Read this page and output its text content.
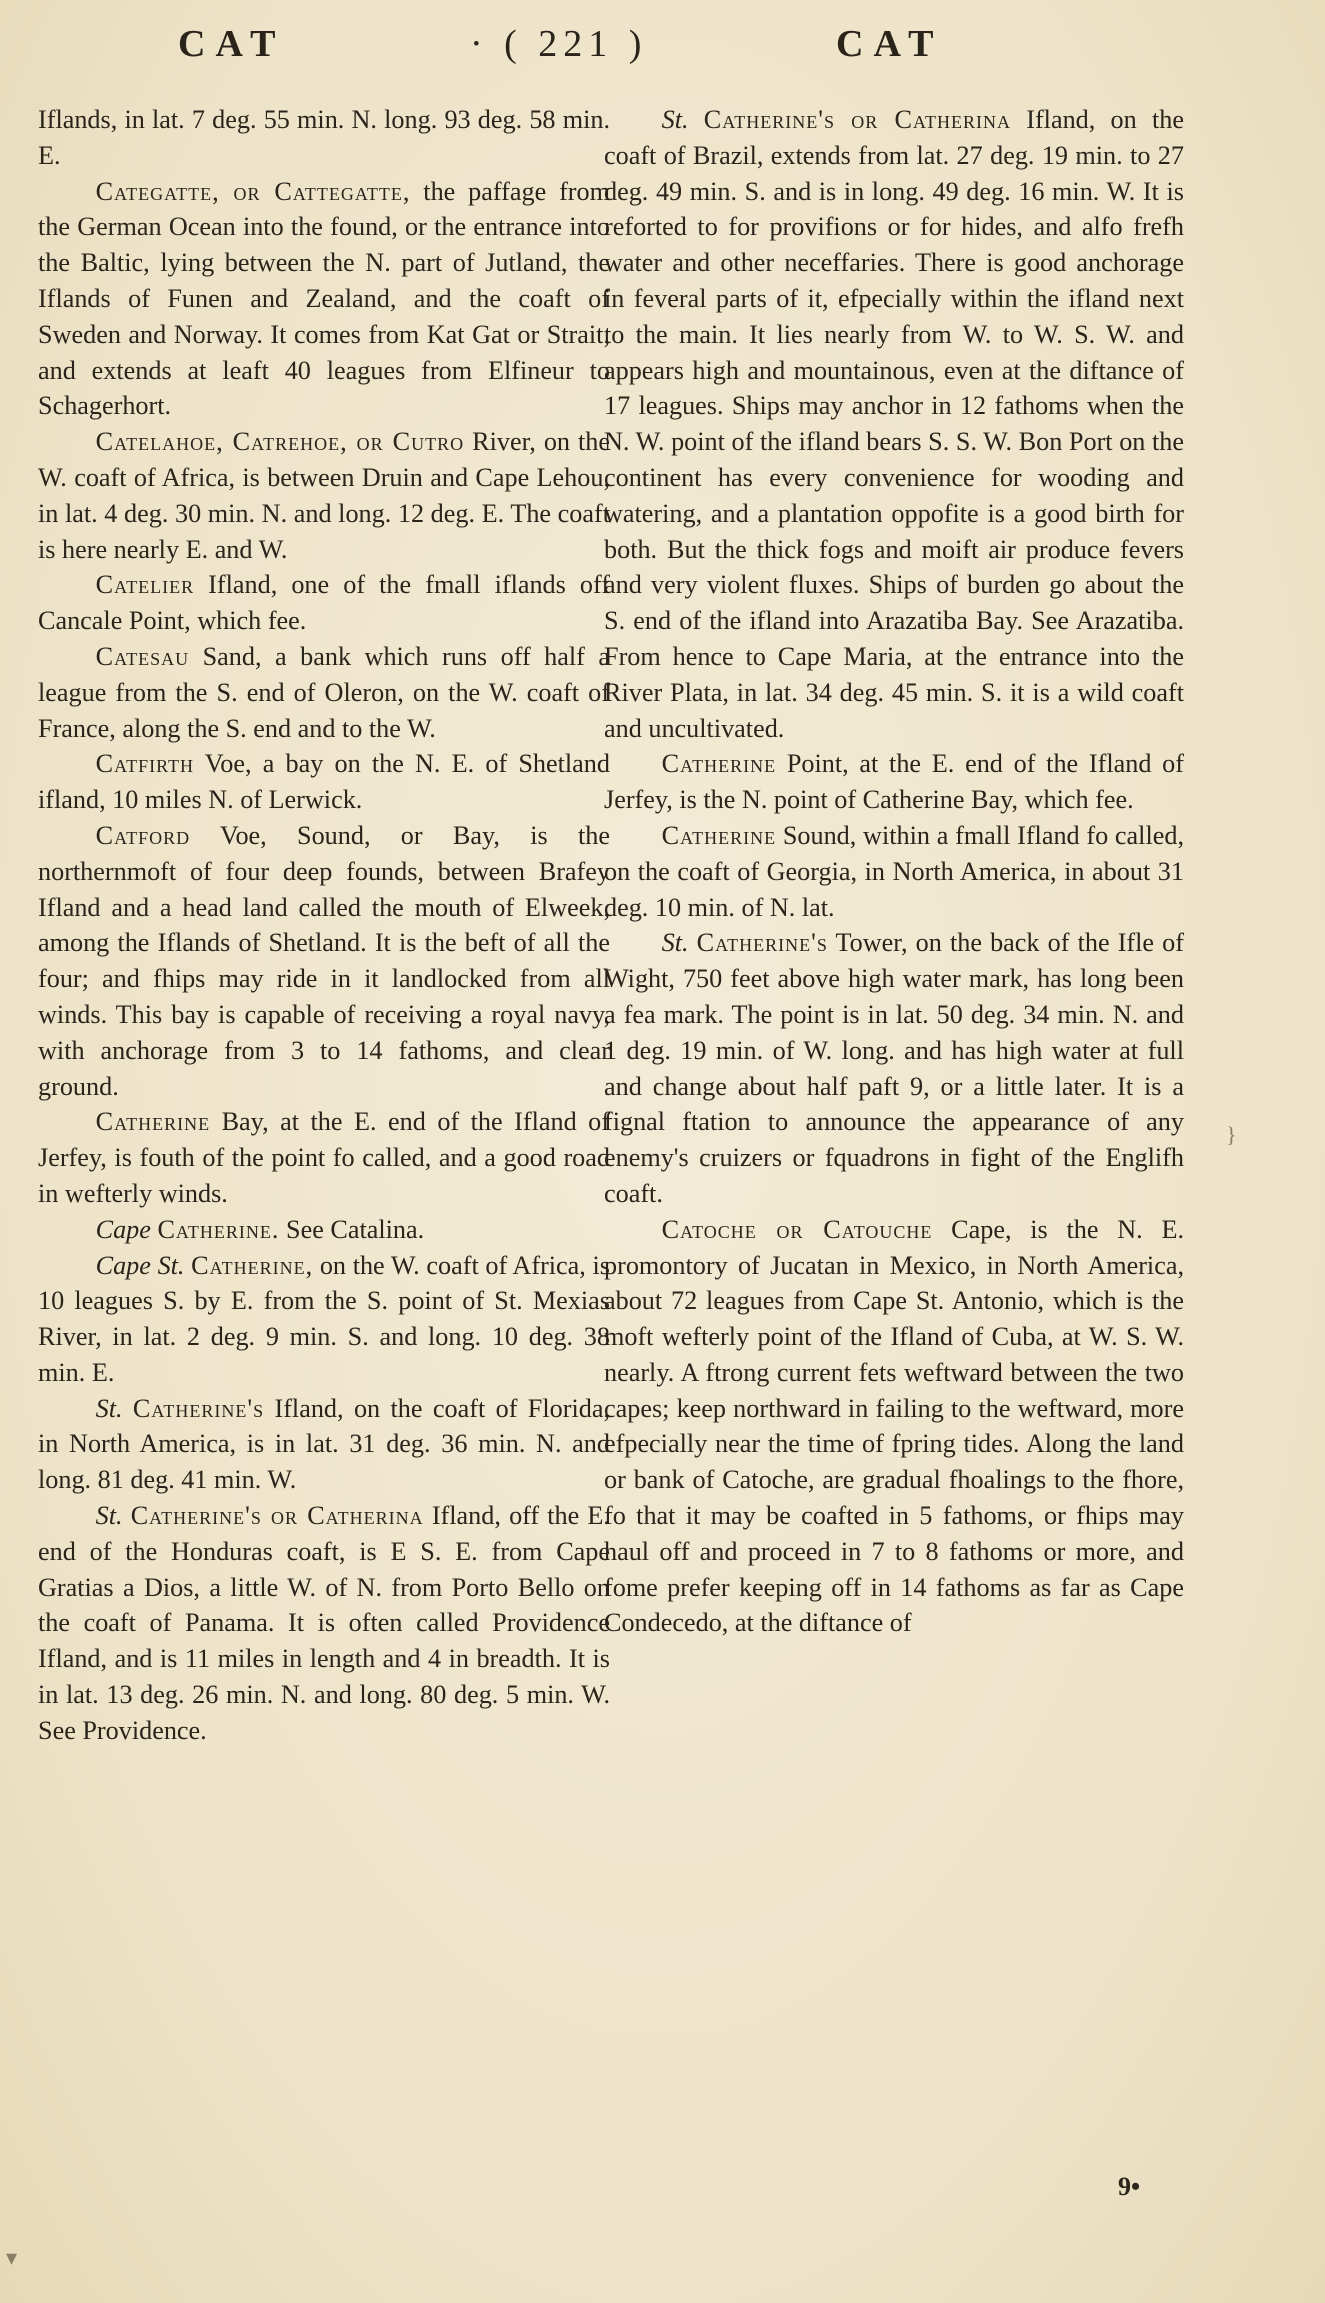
CAT	· ( 221 )	CAT

Iflands, in lat. 7 deg. 55 min. N. long. 93 deg. 58 min. E.

Categatte, or Cattegatte, the paffage from the German Ocean into the found, or the entrance into the Baltic, lying between the N. part of Jutland, the Iflands of Funen and Zealand, and the coaft of Sweden and Norway. It comes from Kat Gat or Strait, and extends at leaft 40 leagues from Elfineur to Schagerhort.

Catelahoe, Catrehoe, or Cutro River, on the W. coaft of Africa, is between Druin and Cape Lehou, in lat. 4 deg. 30 min. N. and long. 12 deg. E. The coaft is here nearly E. and W.

Catelier Ifland, one of the fmall iflands off Cancale Point, which fee.

Catesau Sand, a bank which runs off half a league from the S. end of Oleron, on the W. coaft of France, along the S. end and to the W.

Catfirth Voe, a bay on the N. E. of Shetland ifland, 10 miles N. of Lerwick.

Catford Voe, Sound, or Bay, is the northernmoft of four deep founds, between Brafey Ifland and a head land called the mouth of Elweek, among the Iflands of Shetland. It is the beft of all the four; and fhips may ride in it landlocked from all winds. This bay is capable of receiving a royal navy, with anchorage from 3 to 14 fathoms, and clear ground.

Catherine Bay, at the E. end of the Ifland of Jerfey, is fouth of the point fo called, and a good road in wefterly winds.

Cape Catherine. See Catalina.

Cape St. Catherine, on the W. coaft of Africa, is 10 leagues S. by E. from the S. point of St. Mexias River, in lat. 2 deg. 9 min. S. and long. 10 deg. 38 min. E.

St. Catherine's Ifland, on the coaft of Florida, in North America, is in lat. 31 deg. 36 min. N. and long. 81 deg. 41 min. W.

St. Catherine's or Catherina Ifland, off the E. end of the Honduras coaft, is E S. E. from Cape Gratias a Dios, a little W. of N. from Porto Bello on the coaft of Panama. It is often called Providence Ifland, and is 11 miles in length and 4 in breadth. It is in lat. 13 deg. 26 min. N. and long. 80 deg. 5 min. W. See Providence.

St. Catherine's or Catherina Ifland, on the coaft of Brazil, extends from lat. 27 deg. 19 min. to 27 deg. 49 min. S. and is in long. 49 deg. 16 min. W. It is reforted to for provifions or for hides, and alfo frefh water and other neceffaries. There is good anchorage in feveral parts of it, efpecially within the ifland next to the main. It lies nearly from W. to W. S. W. and appears high and mountainous, even at the diftance of 17 leagues. Ships may anchor in 12 fathoms when the N. W. point of the ifland bears S. S. W. Bon Port on the continent has every convenience for wooding and watering, and a plantation oppofite is a good birth for both. But the thick fogs and moift air produce fevers and very violent fluxes. Ships of burden go about the S. end of the ifland into Arazatiba Bay. See Arazatiba. From hence to Cape Maria, at the entrance into the River Plata, in lat. 34 deg. 45 min. S. it is a wild coaft and uncultivated.

Catherine Point, at the E. end of the Ifland of Jerfey, is the N. point of Catherine Bay, which fee.

Catherine Sound, within a fmall Ifland fo called, on the coaft of Georgia, in North America, in about 31 deg. 10 min. of N. lat.

St. Catherine's Tower, on the back of the Ifle of Wight, 750 feet above high water mark, has long been a fea mark. The point is in lat. 50 deg. 34 min. N. and 1 deg. 19 min. of W. long. and has high water at full and change about half paft 9, or a little later. It is a fignal ftation to announce the appearance of any enemy's cruizers or fquadrons in fight of the Englifh coaft.

Catoche or Catouche Cape, is the N. E. promontory of Jucatan in Mexico, in North America, about 72 leagues from Cape St. Antonio, which is the moft wefterly point of the Ifland of Cuba, at W. S. W. nearly. A ftrong current fets weftward between the two capes; keep northward in failing to the weftward, more efpecially near the time of fpring tides. Along the land or bank of Catoche, are gradual fhoalings to the fhore, fo that it may be coafted in 5 fathoms, or fhips may haul off and proceed in 7 to 8 fathoms or more, and fome prefer keeping off in 14 fathoms as far as Cape Condecedo, at the diftance of

9•
▾
}
